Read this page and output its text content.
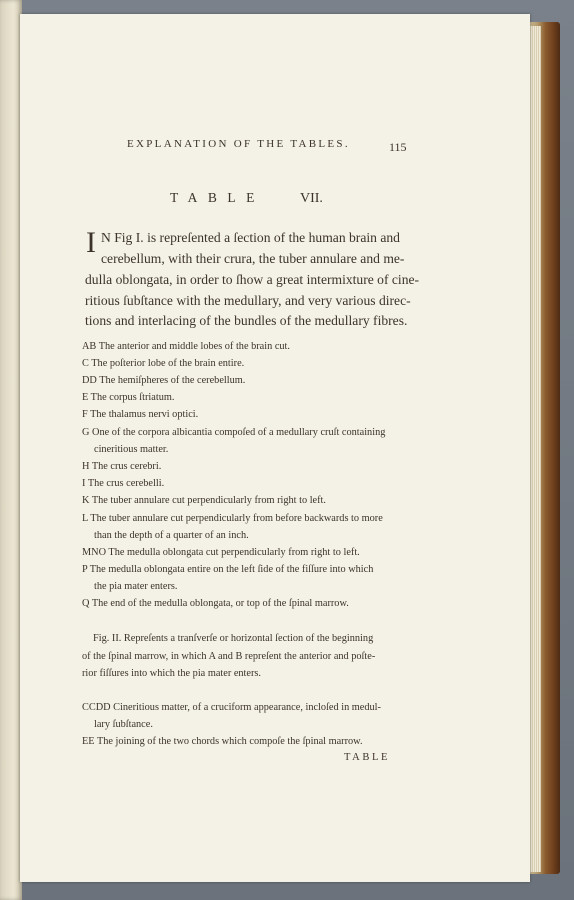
EXPLANATION OF THE TABLES.	115
TABLE	VII.
I N Fig I. is repreſented a ſection of the human brain and
cerebellum, with their crura, the tuber annulare and me-
dulla oblongata, in order to ſhow a great intermixture of cine-
ritious ſubſtance with the medullary, and very various direc-
tions and interlacing of the bundles of the medullary fibres.
AB The anterior and middle lobes of the brain cut.
C The poſterior lobe of the brain entire.
DD The hemiſpheres of the cerebellum.
E The corpus ſtriatum.
F The thalamus nervi optici.
G One of the corpora albicantia compoſed of a medullary cruſt containing
cineritious matter.
H The crus cerebri.
I The crus cerebelli.
K The tuber annulare cut perpendicularly from right to left.
L The tuber annulare cut perpendicularly from before backwards to more
than the depth of a quarter of an inch.
MNO The medulla oblongata cut perpendicularly from right to left.
P The medulla oblongata entire on the left ſide of the fiſſure into which
the pia mater enters.
Q The end of the medulla oblongata, or top of the ſpinal marrow.
Fig. II. Repreſents a tranſverſe or horizontal ſection of the beginning
of the ſpinal marrow, in which A and B repreſent the anterior and poſte-
rior fiſſures into which the pia mater enters.
CCDD Cineritious matter, of a cruciform appearance, incloſed in medul-
lary ſubſtance.
EE The joining of the two chords which compoſe the ſpinal marrow.
TABLE
